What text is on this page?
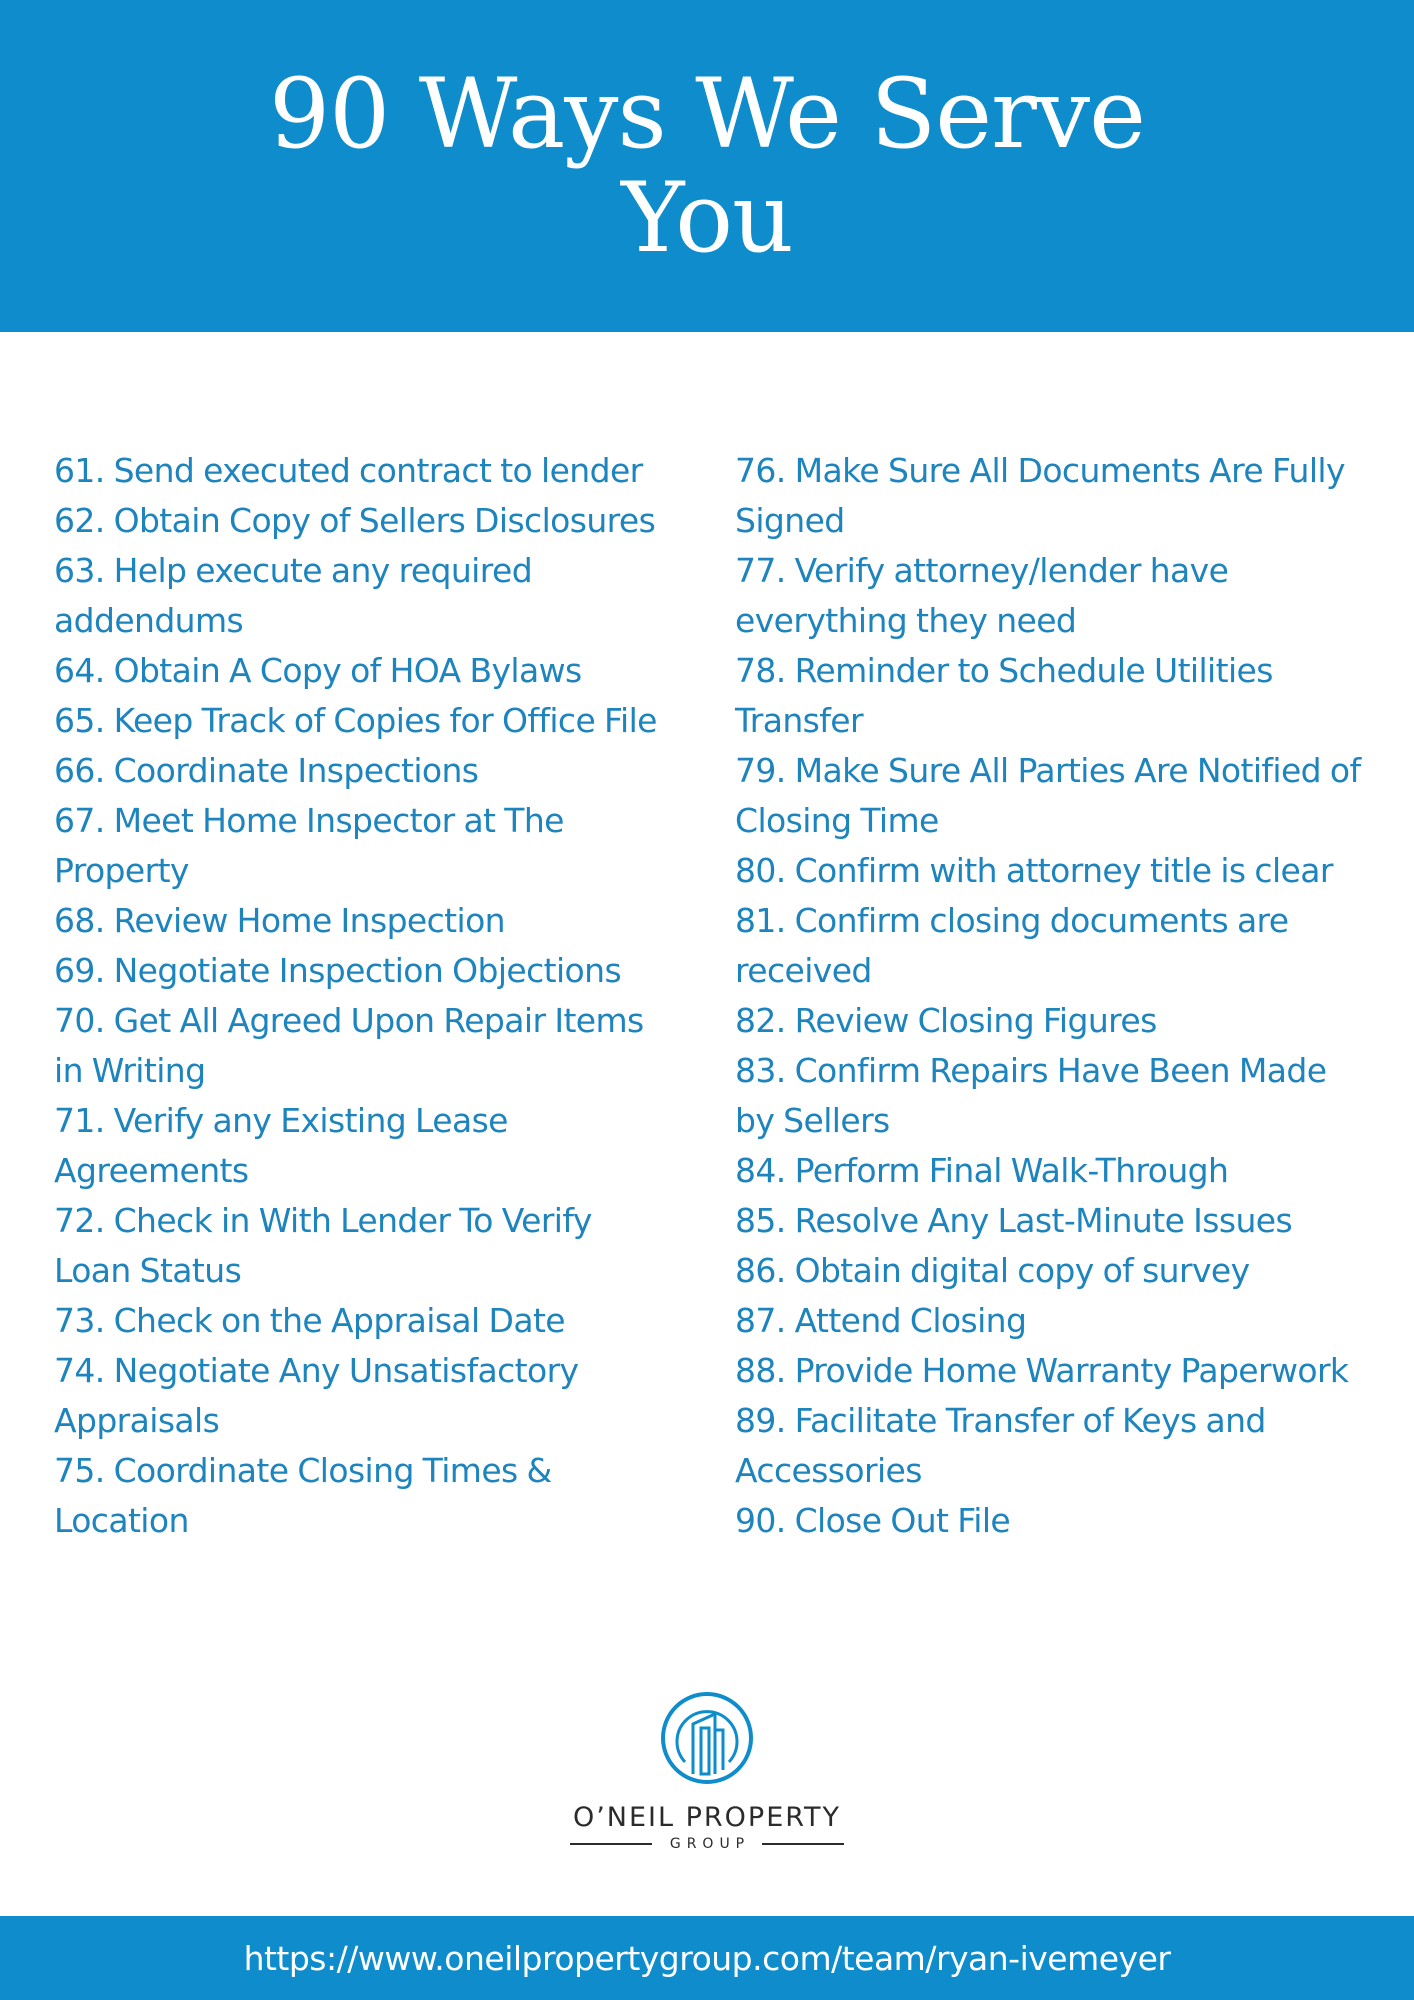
90 Ways We Serve You
61. Send executed contract to lender
62. Obtain Copy of Sellers Disclosures
63. Help execute any required addendums
64. Obtain A Copy of HOA Bylaws
65. Keep Track of Copies for Office File
66. Coordinate Inspections
67. Meet Home Inspector at The Property
68. Review Home Inspection
69. Negotiate Inspection Objections
70. Get All Agreed Upon Repair Items in Writing
71. Verify any Existing Lease Agreements
72. Check in With Lender To Verify Loan Status
73. Check on the Appraisal Date
74. Negotiate Any Unsatisfactory Appraisals
75. Coordinate Closing Times & Location
76. Make Sure All Documents Are Fully Signed
77. Verify attorney/lender have everything they need
78. Reminder to Schedule Utilities Transfer
79. Make Sure All Parties Are Notified of Closing Time
80. Confirm with attorney title is clear
81. Confirm closing documents are received
82. Review Closing Figures
83. Confirm Repairs Have Been Made by Sellers
84. Perform Final Walk-Through
85. Resolve Any Last-Minute Issues
86. Obtain digital copy of survey
87. Attend Closing
88. Provide Home Warranty Paperwork
89. Facilitate Transfer of Keys and Accessories
90. Close Out File
O’NEIL PROPERTY
GROUP
https://www.oneilpropertygroup.com/team/ryan-ivemeyer
